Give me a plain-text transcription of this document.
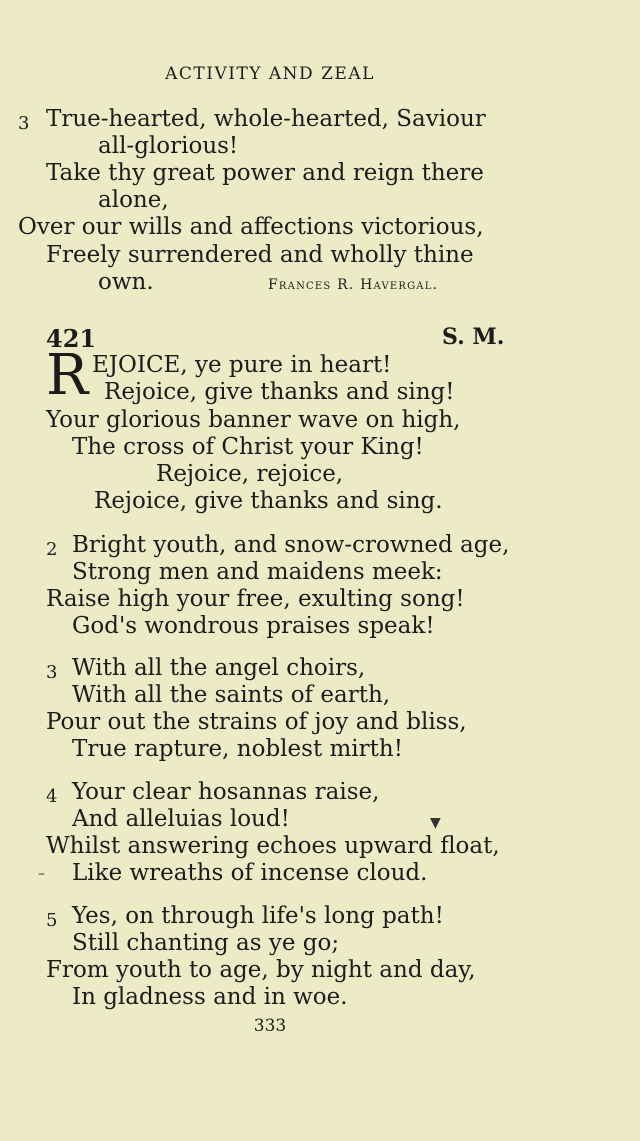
ACTIVITY AND ZEAL
3 True-hearted, whole-hearted, Saviour
all-glorious!
Take thy great power and reign there
alone,
Over our wills and affections victorious,
Freely surrendered and wholly thine
own.	Frances R. Havergal.
421	S. M.
R EJOICE, ye pure in heart!
Rejoice, give thanks and sing!
Your glorious banner wave on high,
The cross of Christ your King!
Rejoice, rejoice,
Rejoice, give thanks and sing.
2 Bright youth, and snow-crowned age,
Strong men and maidens meek:
Raise high your free, exulting song!
God's wondrous praises speak!
3 With all the angel choirs,
With all the saints of earth,
Pour out the strains of joy and bliss,
True rapture, noblest mirth!
4 Your clear hosannas raise,
And alleluias loud!
Whilst answering echoes upward float,
Like wreaths of incense cloud.
▼
–
5 Yes, on through life's long path!
Still chanting as ye go;
From youth to age, by night and day,
In gladness and in woe.
333
